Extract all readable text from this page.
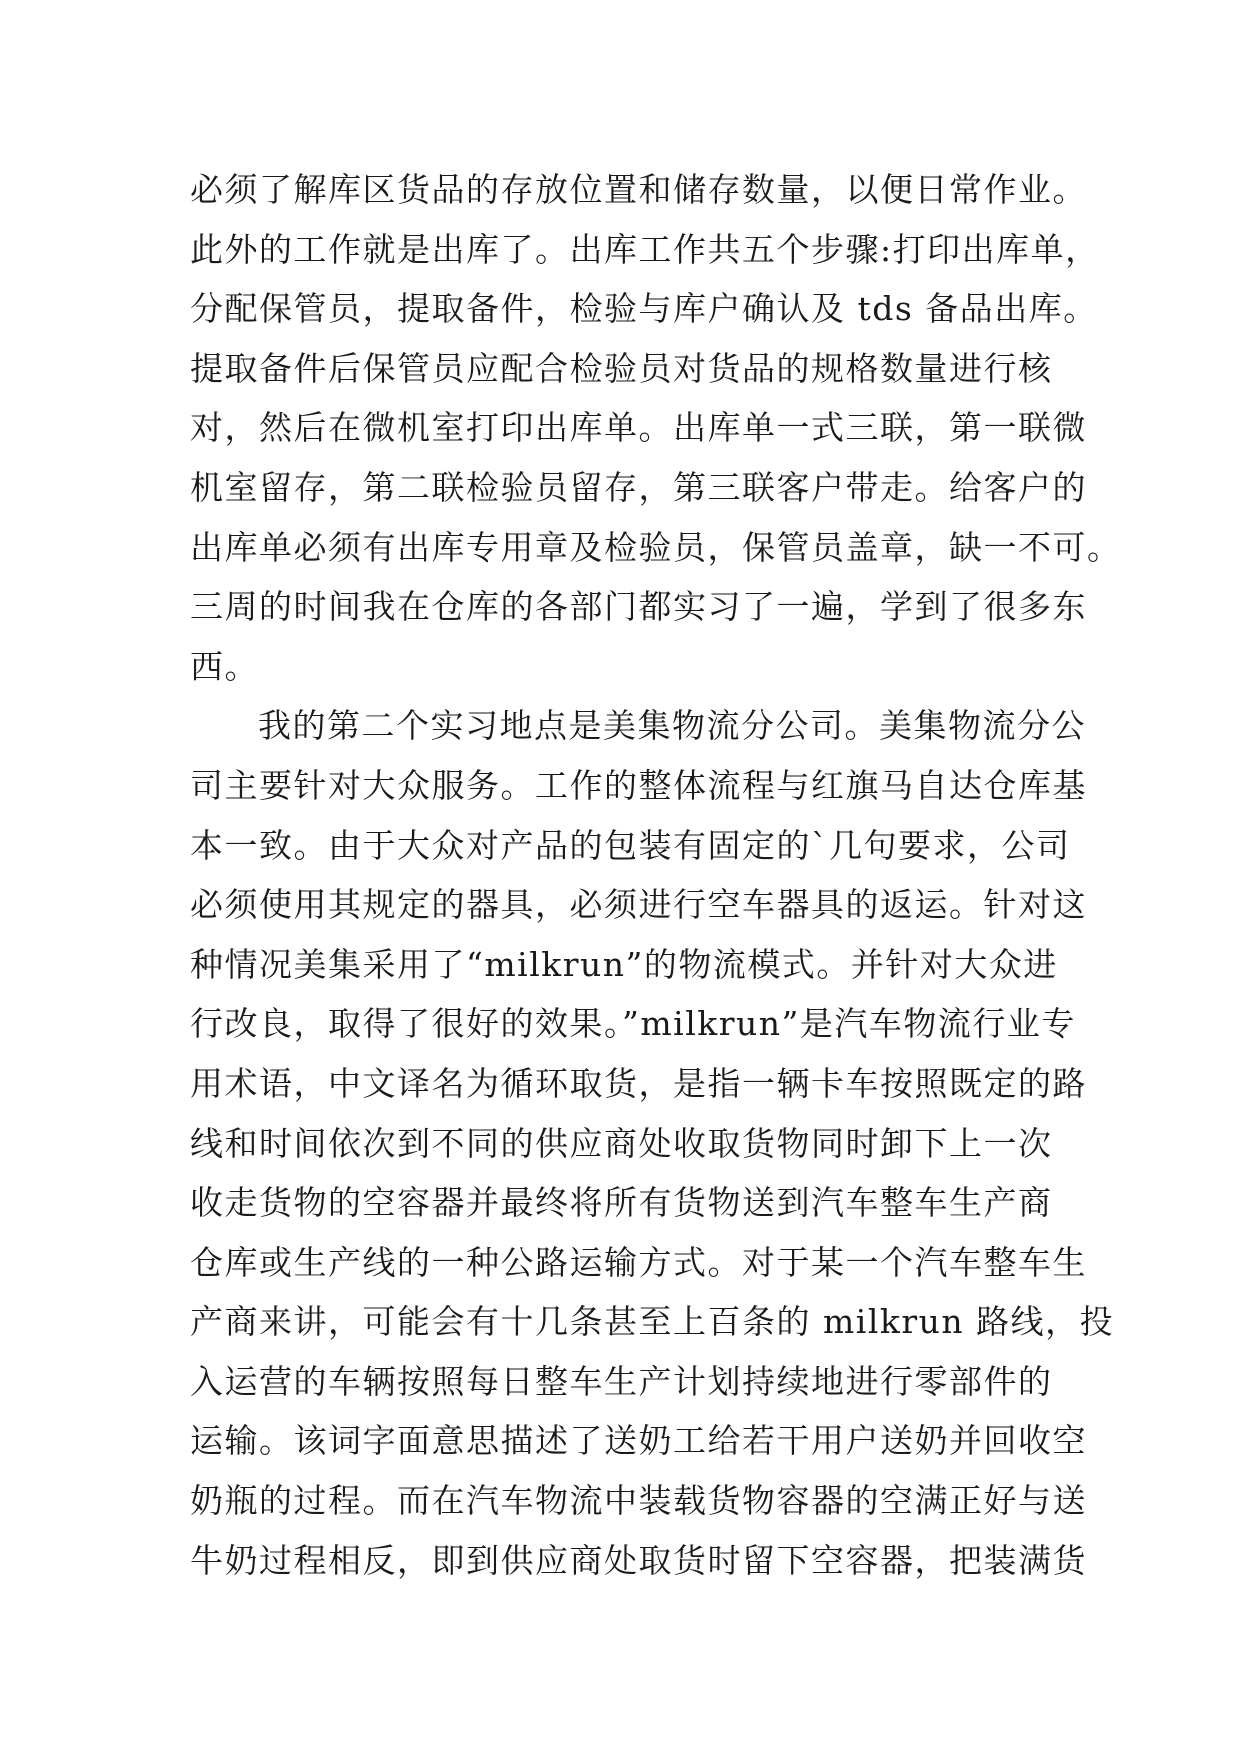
必须了解库区货品的存放位置和储存数量，以便日常作业。
此外的工作就是出库了。出库工作共五个步骤:打印出库单，
分配保管员，提取备件，检验与库户确认及 tds 备品出库。
提取备件后保管员应配合检验员对货品的规格数量进行核
对，然后在微机室打印出库单。出库单一式三联，第一联微
机室留存，第二联检验员留存，第三联客户带走。给客户的
出库单必须有出库专用章及检验员，保管员盖章，缺一不可。
三周的时间我在仓库的各部门都实习了一遍，学到了很多东
西。
我的第二个实习地点是美集物流分公司。美集物流分公
司主要针对大众服务。工作的整体流程与红旗马自达仓库基
本一致。由于大众对产品的包装有固定的`几句要求，公司
必须使用其规定的器具，必须进行空车器具的返运。针对这
种情况美集采用了“milkrun”的物流模式。并针对大众进
行改良，取得了很好的效果。”milkrun”是汽车物流行业专
用术语，中文译名为循环取货，是指一辆卡车按照既定的路
线和时间依次到不同的供应商处收取货物同时卸下上一次
收走货物的空容器并最终将所有货物送到汽车整车生产商
仓库或生产线的一种公路运输方式。对于某一个汽车整车生
产商来讲，可能会有十几条甚至上百条的 milkrun 路线，投
入运营的车辆按照每日整车生产计划持续地进行零部件的
运输。该词字面意思描述了送奶工给若干用户送奶并回收空
奶瓶的过程。而在汽车物流中装载货物容器的空满正好与送
牛奶过程相反，即到供应商处取货时留下空容器，把装满货
